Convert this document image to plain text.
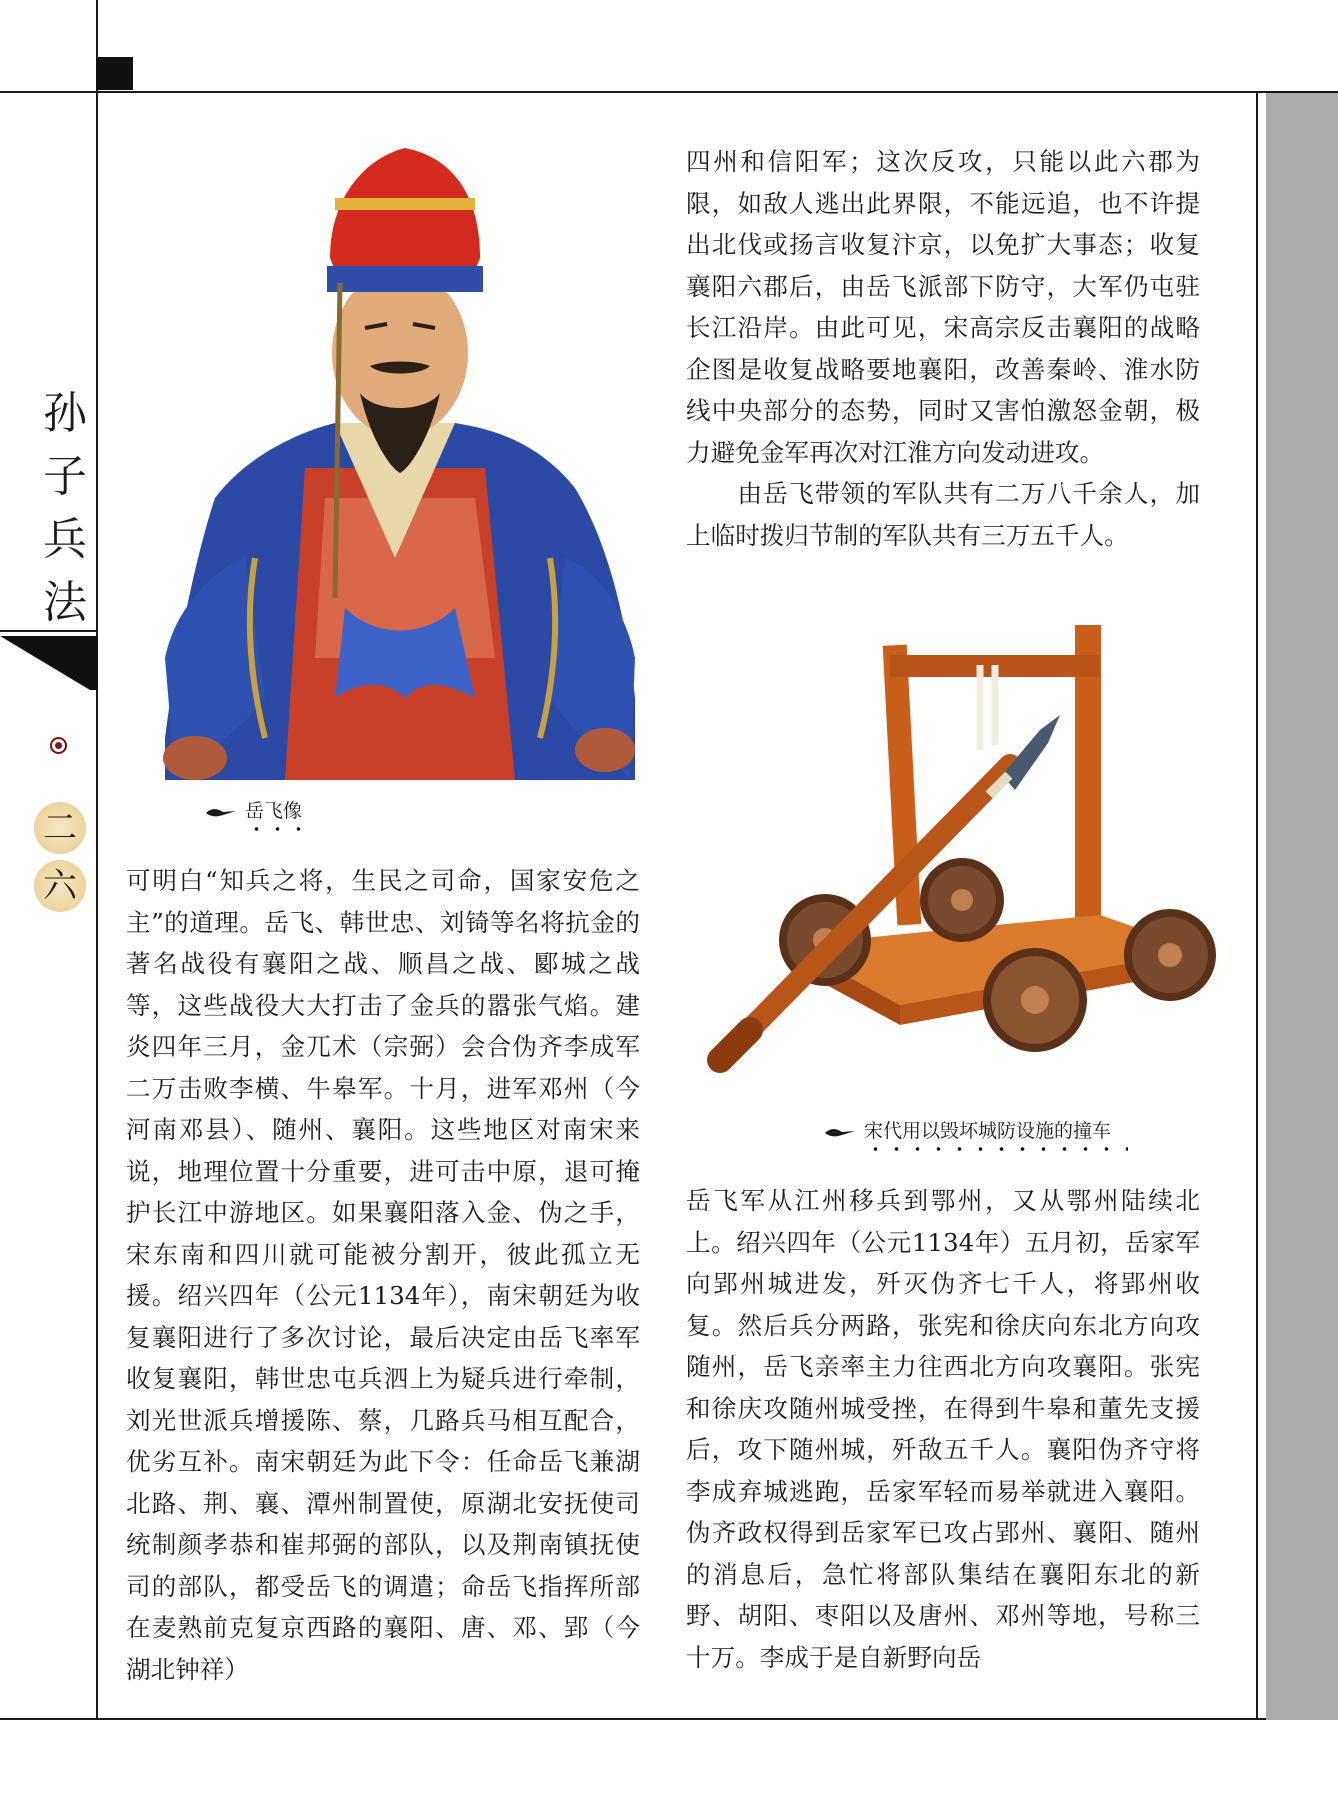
孙
子
兵
法
二
六
岳飞像

可明白“知兵之将，生民之司命，国家安危之主”的道理。岳飞、韩世忠、刘锜等名将抗金的著名战役有襄阳之战、顺昌之战、郾城之战等，这些战役大大打击了金兵的嚣张气焰。建炎四年三月，金兀术（宗弼）会合伪齐李成军二万击败李横、牛皋军。十月，进军邓州（今河南邓县）、随州、襄阳。这些地区对南宋来说，地理位置十分重要，进可击中原，退可掩护长江中游地区。如果襄阳落入金、伪之手，宋东南和四川就可能被分割开，彼此孤立无援。绍兴四年（公元1134年），南宋朝廷为收复襄阳进行了多次讨论，最后决定由岳飞率军收复襄阳，韩世忠屯兵泗上为疑兵进行牵制，刘光世派兵增援陈、蔡，几路兵马相互配合，优劣互补。南宋朝廷为此下令：任命岳飞兼湖北路、荆、襄、潭州制置使，原湖北安抚使司统制颜孝恭和崔邦弼的部队，以及荆南镇抚使司的部队，都受岳飞的调遣；命岳飞指挥所部在麦熟前克复京西路的襄阳、唐、邓、郢（今湖北钟祥）

四州和信阳军；这次反攻，只能以此六郡为限，如敌人逃出此界限，不能远追，也不许提出北伐或扬言收复汴京，以免扩大事态；收复襄阳六郡后，由岳飞派部下防守，大军仍屯驻长江沿岸。由此可见，宋高宗反击襄阳的战略企图是收复战略要地襄阳，改善秦岭、淮水防线中央部分的态势，同时又害怕激怒金朝，极力避免金军再次对江淮方向发动进攻。

　　由岳飞带领的军队共有二万八千余人，加上临时拨归节制的军队共有三万五千人。

宋代用以毁坏城防设施的撞车

岳飞军从江州移兵到鄂州，又从鄂州陆续北上。绍兴四年（公元1134年）五月初，岳家军向郢州城进发，歼灭伪齐七千人，将郢州收复。然后兵分两路，张宪和徐庆向东北方向攻随州，岳飞亲率主力往西北方向攻襄阳。张宪和徐庆攻随州城受挫，在得到牛皋和董先支援后，攻下随州城，歼敌五千人。襄阳伪齐守将李成弃城逃跑，岳家军轻而易举就进入襄阳。伪齐政权得到岳家军已攻占郢州、襄阳、随州的消息后，急忙将部队集结在襄阳东北的新野、胡阳、枣阳以及唐州、邓州等地，号称三十万。李成于是自新野向岳
